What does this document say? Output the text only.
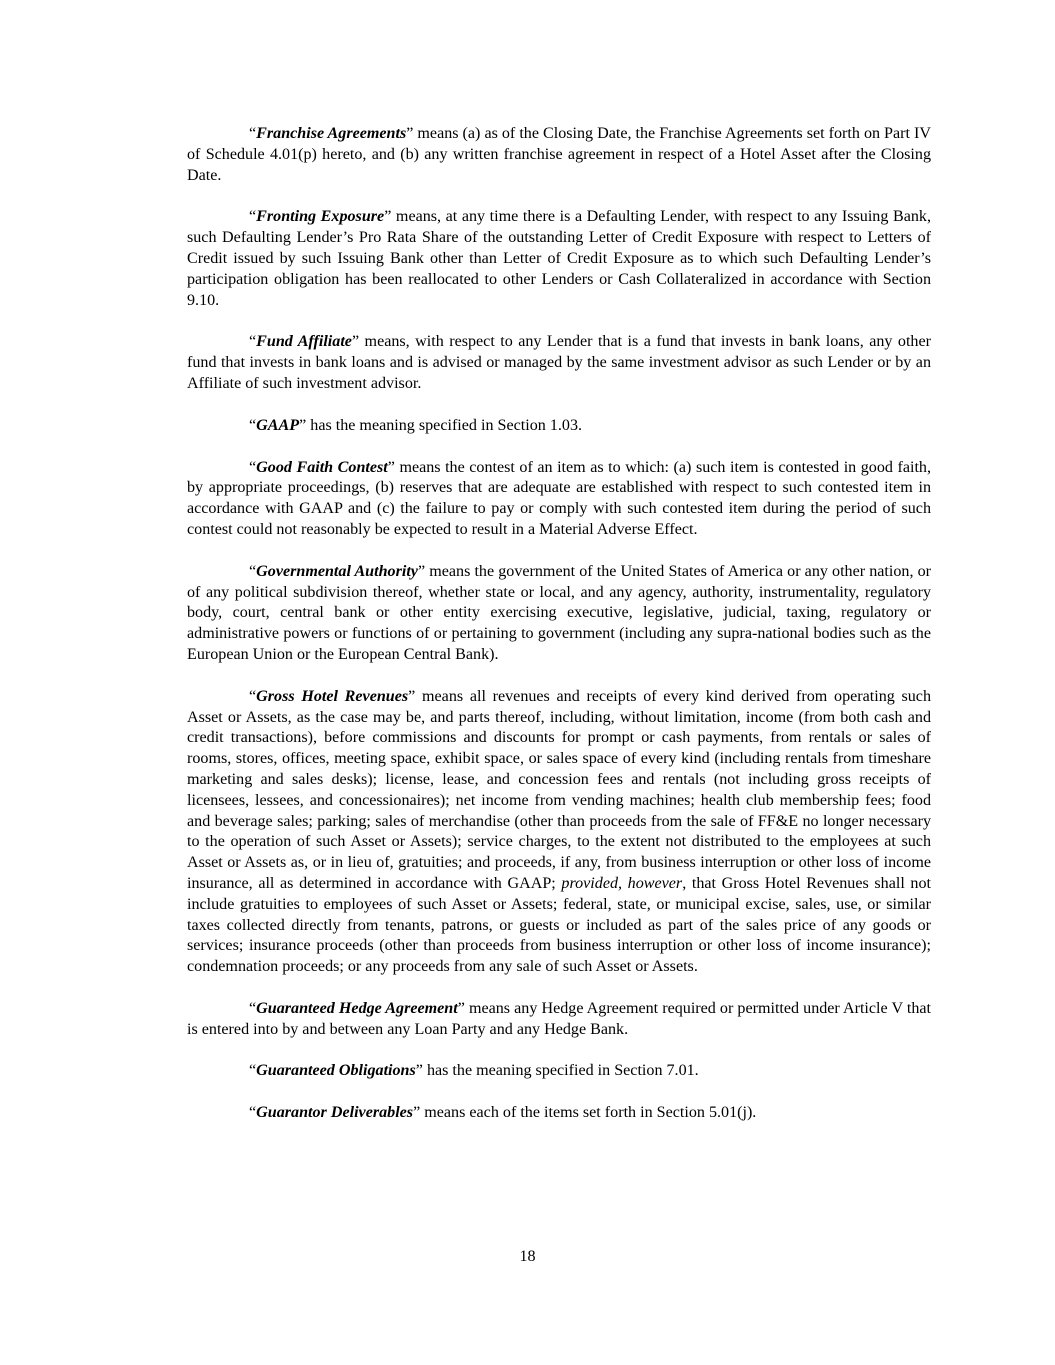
“Franchise Agreements” means (a) as of the Closing Date, the Franchise Agreements set forth on Part IV of Schedule 4.01(p) hereto, and (b) any written franchise agreement in respect of a Hotel Asset after the Closing Date.

“Fronting Exposure” means, at any time there is a Defaulting Lender, with respect to any Issuing Bank, such Defaulting Lender’s Pro Rata Share of the outstanding Letter of Credit Exposure with respect to Letters of Credit issued by such Issuing Bank other than Letter of Credit Exposure as to which such Defaulting Lender’s participation obligation has been reallocated to other Lenders or Cash Collateralized in accordance with Section 9.10.

“Fund Affiliate” means, with respect to any Lender that is a fund that invests in bank loans, any other fund that invests in bank loans and is advised or managed by the same investment advisor as such Lender or by an Affiliate of such investment advisor.

“GAAP” has the meaning specified in Section 1.03.

“Good Faith Contest” means the contest of an item as to which: (a) such item is contested in good faith, by appropriate proceedings, (b) reserves that are adequate are established with respect to such contested item in accordance with GAAP and (c) the failure to pay or comply with such contested item during the period of such contest could not reasonably be expected to result in a Material Adverse Effect.

“Governmental Authority” means the government of the United States of America or any other nation, or of any political subdivision thereof, whether state or local, and any agency, authority, instrumentality, regulatory body, court, central bank or other entity exercising executive, legislative, judicial, taxing, regulatory or administrative powers or functions of or pertaining to government (including any supra-national bodies such as the European Union or the European Central Bank).

“Gross Hotel Revenues” means all revenues and receipts of every kind derived from operating such Asset or Assets, as the case may be, and parts thereof, including, without limitation, income (from both cash and credit transactions), before commissions and discounts for prompt or cash payments, from rentals or sales of rooms, stores, offices, meeting space, exhibit space, or sales space of every kind (including rentals from timeshare marketing and sales desks); license, lease, and concession fees and rentals (not including gross receipts of licensees, lessees, and concessionaires); net income from vending machines; health club membership fees; food and beverage sales; parking; sales of merchandise (other than proceeds from the sale of FF&E no longer necessary to the operation of such Asset or Assets); service charges, to the extent not distributed to the employees at such Asset or Assets as, or in lieu of, gratuities; and proceeds, if any, from business interruption or other loss of income insurance, all as determined in accordance with GAAP; provided, however, that Gross Hotel Revenues shall not include gratuities to employees of such Asset or Assets; federal, state, or municipal excise, sales, use, or similar taxes collected directly from tenants, patrons, or guests or included as part of the sales price of any goods or services; insurance proceeds (other than proceeds from business interruption or other loss of income insurance); condemnation proceeds; or any proceeds from any sale of such Asset or Assets.

“Guaranteed Hedge Agreement” means any Hedge Agreement required or permitted under Article V that is entered into by and between any Loan Party and any Hedge Bank.

“Guaranteed Obligations” has the meaning specified in Section 7.01.

“Guarantor Deliverables” means each of the items set forth in Section 5.01(j).

18
